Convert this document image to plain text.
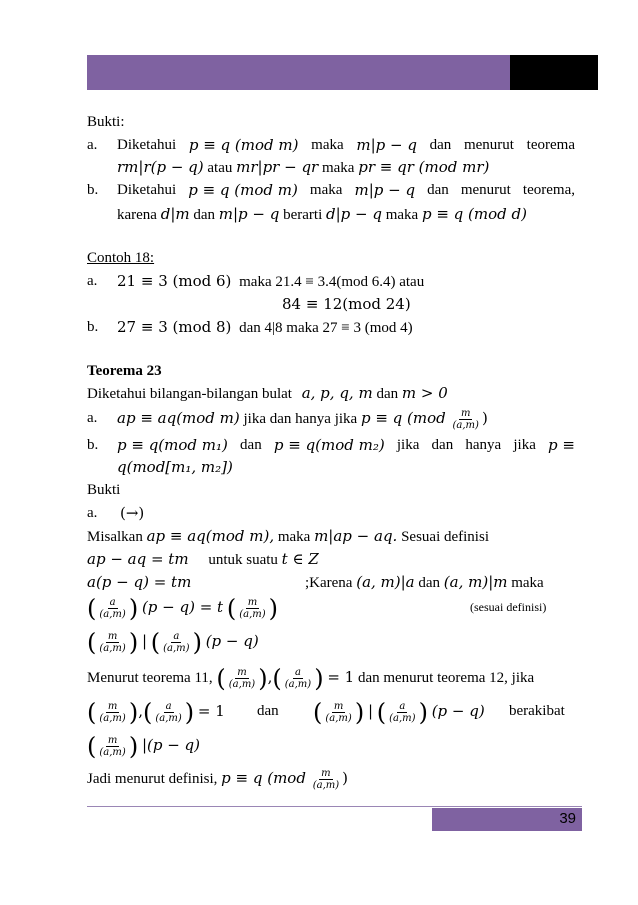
Bukti:
a. Diketahui p ≡ q (mod m) maka m|p − q dan menurut teorema
rm|r(p − q) atau mr|pr − qr maka pr ≡ qr (mod mr)
b. Diketahui p ≡ q (mod m) maka m|p − q dan menurut teorema,
karena d|m dan m|p − q berarti d|p − q maka p ≡ q (mod d)
Contoh 18:
a. 21 ≡ 3 (mod 6) maka 21.4 ≡ 3.4(mod 6.4) atau
84 ≡ 12(mod 24)
b. 27 ≡ 3 (mod 8) dan 4|8 maka 27 ≡ 3 (mod 4)
Teorema 23
Diketahui bilangan-bilangan bulat a, p, q, m dan m > 0
a. ap ≡ aq(mod m) jika dan hanya jika p ≡ q ($mod \frac{m}{(a,m)}$ )
b. p ≡ q(mod m₁) dan p ≡ q(mod m₂) jika dan hanya jika p ≡
q(mod[m₁, m₂])
Bukti
a. (→)
Misalkan ap ≡ aq(mod m), maka m|ap − aq. Sesuai definisi
ap − aq = tm untuk suatu t ∈ Z
a(p − q) = tm	;Karena (a, m)|a dan (a, m)|m maka
( $\frac{a}{(a,m)}$ ) (p − q) = t ( $\frac{m}{(a,m)}$ )	(sesuai definisi)
( $\frac{m}{(a,m)}$ ) | ( $\frac{a}{(a,m)}$ ) (p − q)
Menurut teorema 11, ( $\frac{m}{(a,m)}$ ),( $\frac{a}{(a,m)}$ ) = 1 dan menurut teorema 12, jika
( $\frac{m}{(a,m)}$ ),( $\frac{a}{(a,m)}$ ) = 1 dan ( $\frac{m}{(a,m)}$ ) | ( $\frac{a}{(a,m)}$ ) (p − q) berakibat
( $\frac{m}{(a,m)}$ ) |(p − q)
Jadi menurut definisi, p ≡ q ($mod \frac{m}{(a,m)}$ )
39
